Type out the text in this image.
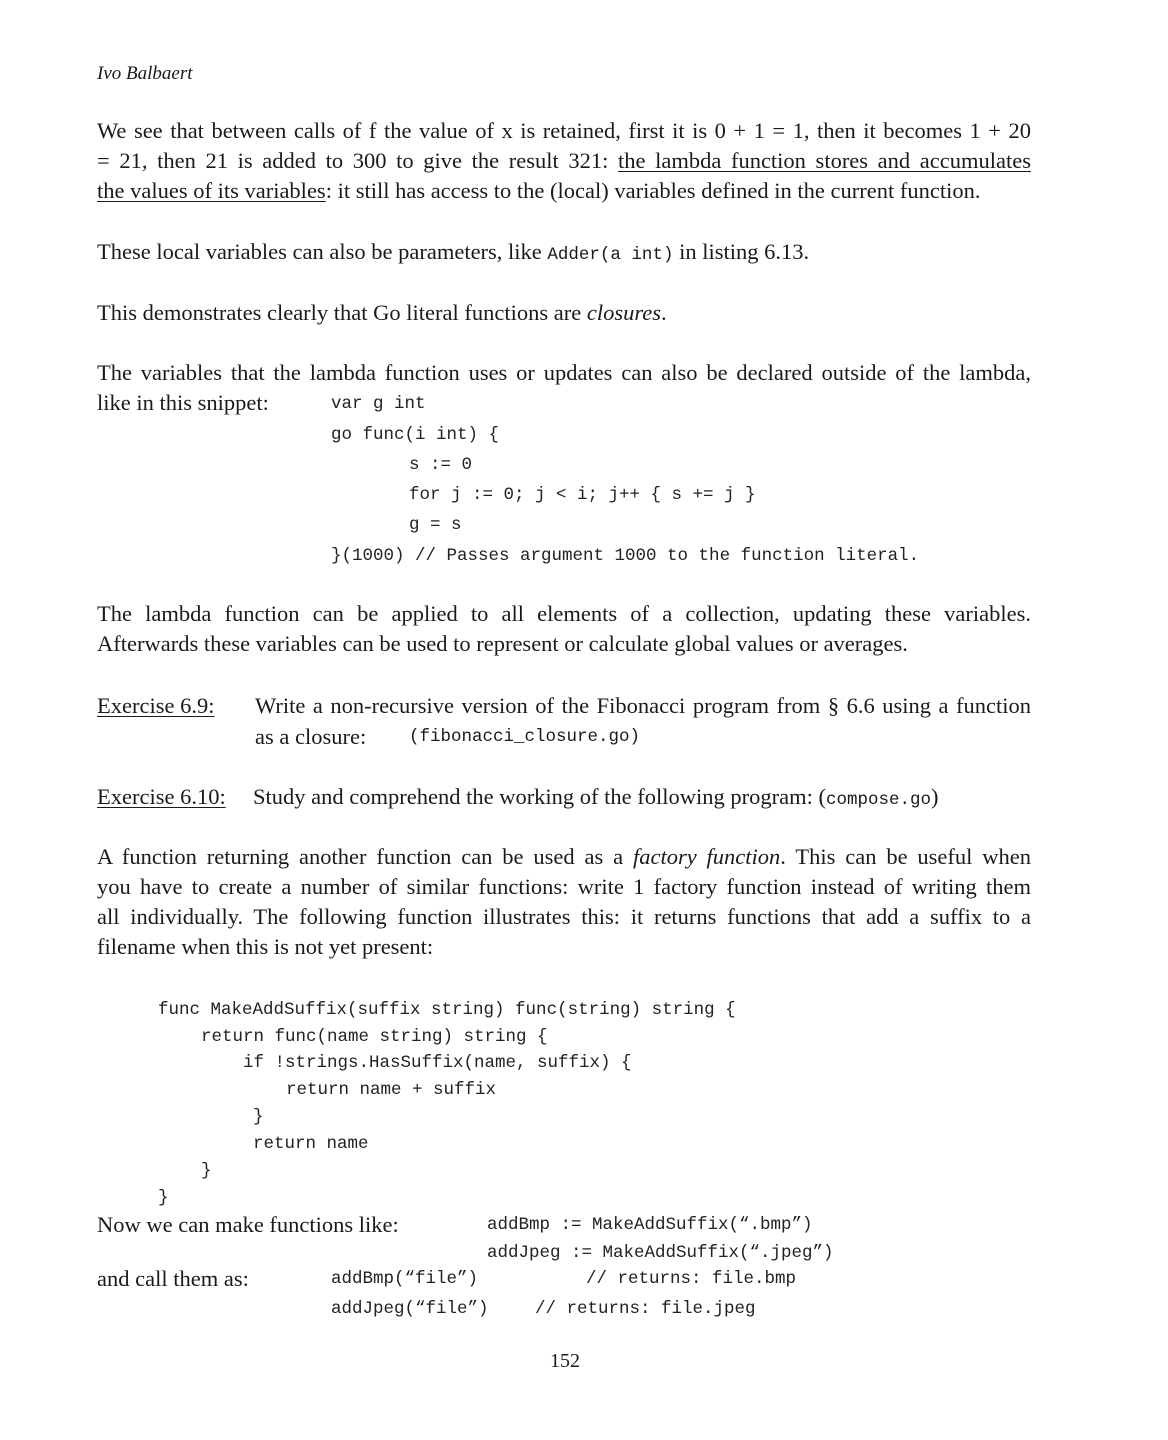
Ivo Balbaert
We see that between calls of f the value of x is retained, first it is 0 + 1 = 1, then it becomes 1 + 20
= 21, then 21 is added to 300 to give the result 321: the lambda function stores and accumulates
the values of its variables: it still has access to the (local) variables defined in the current function.
These local variables can also be parameters, like Adder(a int) in listing 6.13.
This demonstrates clearly that Go literal functions are closures.
The variables that the lambda function uses or updates can also be declared outside of the lambda,
like in this snippet:	var g int
go func(i int) {
s := 0
for j := 0; j < i; j++ { s += j }
g = s
}(1000) // Passes argument 1000 to the function literal.
The lambda function can be applied to all elements of a collection, updating these variables.
Afterwards these variables can be used to represent or calculate global values or averages.
Exercise 6.9: Write a non-recursive version of the Fibonacci program from § 6.6 using a function
as a closure: (fibonacci_closure.go)
Exercise 6.10: Study and comprehend the working of the following program: (compose.go)
A function returning another function can be used as a factory function. This can be useful when
you have to create a number of similar functions: write 1 factory function instead of writing them
all individually. The following function illustrates this: it returns functions that add a suffix to a
filename when this is not yet present:
func MakeAddSuffix(suffix string) func(string) string {
return func(name string) string {
if !strings.HasSuffix(name, suffix) {
return name + suffix
}
return name
}
}
Now we can make functions like:	addBmp := MakeAddSuffix(“.bmp”)
addJpeg := MakeAddSuffix(“.jpeg”)
and call them as:	addBmp(“file”)	// returns: file.bmp
addJpeg(“file”)	// returns: file.jpeg
152
